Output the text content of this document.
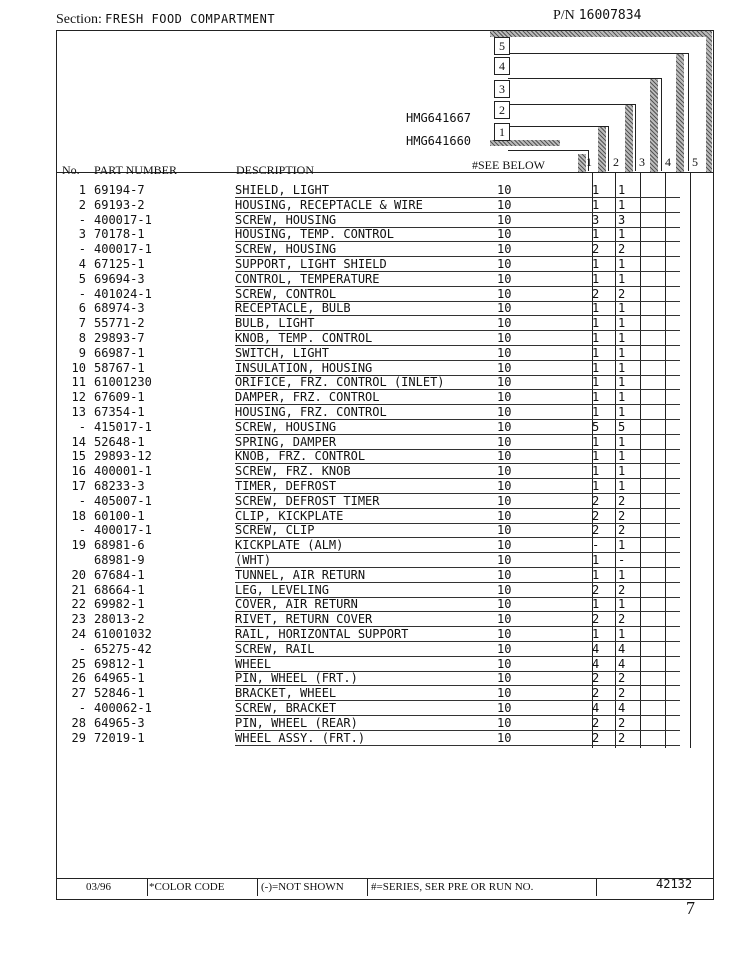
Section: FRESH FOOD COMPARTMENT	P/N 16007834
5
4
3
2
1
HMG641667
HMG641660
No. PART NUMBER	DESCRIPTION	#SEE BELOW	1 2 3 4 5
1 69194-7	SHIELD, LIGHT	10	1 1
2 69193-2	HOUSING, RECEPTACLE & WIRE	10	1 1
- 400017-1	SCREW, HOUSING	10	3 3
3 70178-1	HOUSING, TEMP. CONTROL	10	1 1
- 400017-1	SCREW, HOUSING	10	2 2
4 67125-1	SUPPORT, LIGHT SHIELD	10	1 1
5 69694-3	CONTROL, TEMPERATURE	10	1 1
- 401024-1	SCREW, CONTROL	10	2 2
6 68974-3	RECEPTACLE, BULB	10	1 1
7 55771-2	BULB, LIGHT	10	1 1
8 29893-7	KNOB, TEMP. CONTROL	10	1 1
9 66987-1	SWITCH, LIGHT	10	1 1
10 58767-1	INSULATION, HOUSING	10	1 1
11 61001230	ORIFICE, FRZ. CONTROL (INLET)	10	1 1
12 67609-1	DAMPER, FRZ. CONTROL	10	1 1
13 67354-1	HOUSING, FRZ. CONTROL	10	1 1
- 415017-1	SCREW, HOUSING	10	5 5
14 52648-1	SPRING, DAMPER	10	1 1
15 29893-12	KNOB, FRZ. CONTROL	10	1 1
16 400001-1	SCREW, FRZ. KNOB	10	1 1
17 68233-3	TIMER, DEFROST	10	1 1
- 405007-1	SCREW, DEFROST TIMER	10	2 2
18 60100-1	CLIP, KICKPLATE	10	2 2
- 400017-1	SCREW, CLIP	10	2 2
19 68981-6	KICKPLATE (ALM)	10	- 1
68981-9	(WHT)	10	1 -
20 67684-1	TUNNEL, AIR RETURN	10	1 1
21 68664-1	LEG, LEVELING	10	2 2
22 69982-1	COVER, AIR RETURN	10	1 1
23 28013-2	RIVET, RETURN COVER	10	2 2
24 61001032	RAIL, HORIZONTAL SUPPORT	10	1 1
- 65275-42	SCREW, RAIL	10	4 4
25 69812-1	WHEEL	10	4 4
26 64965-1	PIN, WHEEL (FRT.)	10	2 2
27 52846-1	BRACKET, WHEEL	10	2 2
- 400062-1	SCREW, BRACKET	10	4 4
28 64965-3	PIN, WHEEL (REAR)	10	2 2
29 72019-1	WHEEL ASSY. (FRT.)	10	2 2
03/96	*COLOR CODE	(-)=NOT SHOWN #=SERIES, SER PRE OR RUN NO.	42132
7
